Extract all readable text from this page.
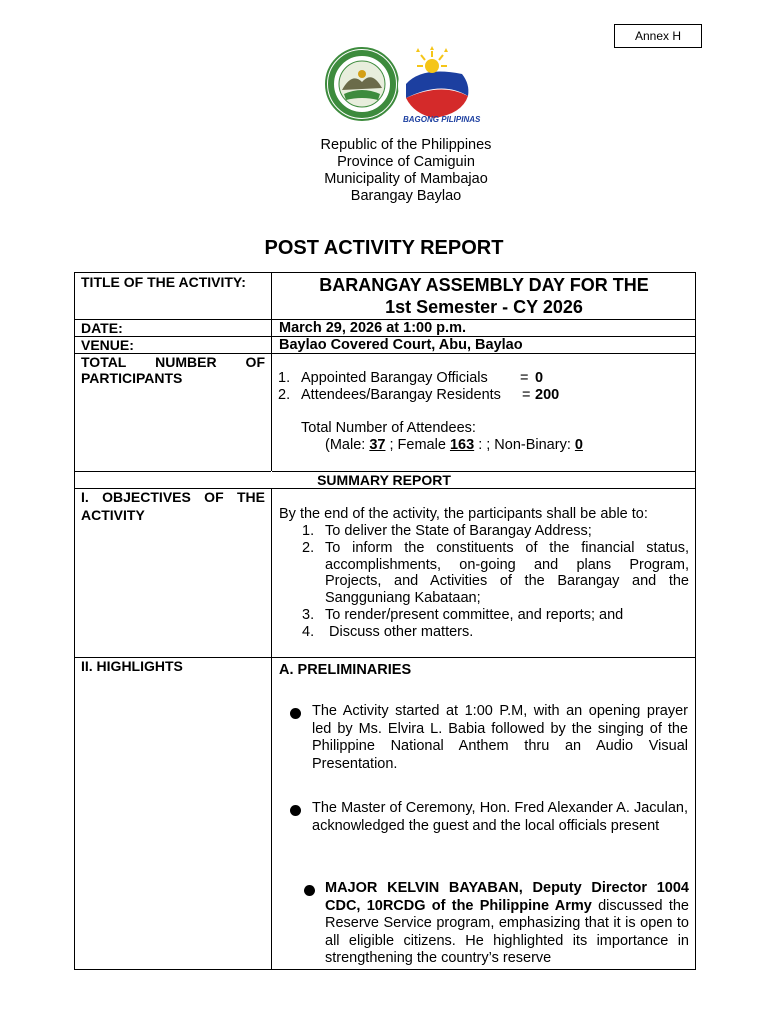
Annex H
BAGONG PILIPINAS
Republic of the Philippines
Province of Camiguin
Municipality of Mambajao
Barangay Baylao
POST ACTIVITY REPORT
TITLE OF THE ACTIVITY:	BARANGAY ASSEMBLY DAY FOR THE
1st Semester - CY 2026
DATE:	March 29, 2026 at 1:00 p.m.
VENUE:	Baylao Covered Court, Abu, Baylao
TOTAL NUMBER OF
PARTICIPANTS	1. Appointed Barangay Officials = 0
2. Attendees/Barangay Residents = 200
Total Number of Attendees:
(Male: 37 ; Female 163 : ; Non-Binary: 0
SUMMARY REPORT
I. OBJECTIVES OF THE
ACTIVITY	By the end of the activity, the participants shall be able to:
1. To deliver the State of Barangay Address;
2. To inform the constituents of the financial status, accomplishments, on-going and plans Program, Projects, and Activities of the Barangay and the Sangguniang Kabataan;
3. To render/present committee, and reports; and
4. Discuss other matters.
II. HIGHLIGHTS	A. PRELIMINARIES
The Activity started at 1:00 P.M, with an opening prayer led by Ms. Elvira L. Babia followed by the singing of the Philippine National Anthem thru an Audio Visual Presentation.
The Master of Ceremony, Hon. Fred Alexander A. Jaculan, acknowledged the guest and the local officials present
MAJOR KELVIN BAYABAN, Deputy Director 1004 CDC, 10RCDG of the Philippine Army discussed the Reserve Service program, emphasizing that it is open to all eligible citizens. He highlighted its importance in strengthening the country’s reserve
